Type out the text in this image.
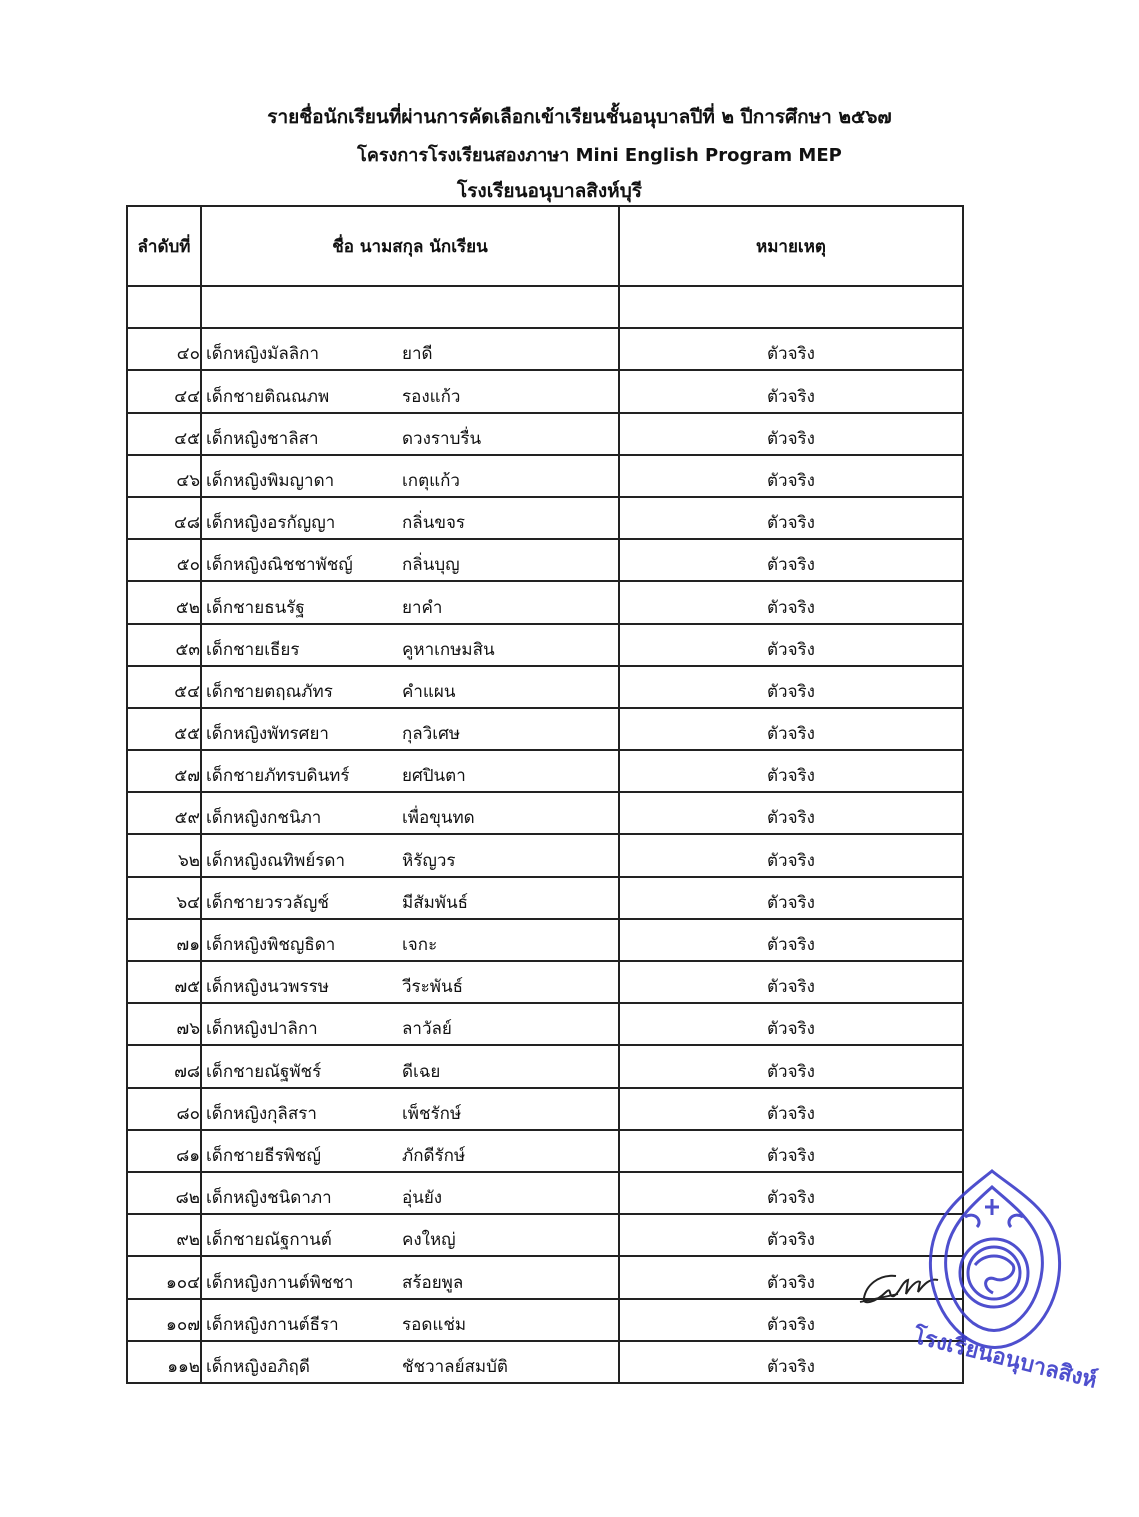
รายชื่อนักเรียนที่ผ่านการคัดเลือกเข้าเรียนชั้นอนุบาลปีที่ ๒ ปีการศึกษา ๒๕๖๗
โครงการโรงเรียนสองภาษา Mini English Program MEP
โรงเรียนอนุบาลสิงห์บุรี
ลำดับที่	ชื่อ นามสกุล นักเรียน	หมายเหตุ

๔๐	เด็กหญิงมัลลิกา ยาดี	ตัวจริง
๔๔	เด็กชายติณณภพ รองแก้ว	ตัวจริง
๔๕	เด็กหญิงชาลิสา ดวงราบรื่น	ตัวจริง
๔๖	เด็กหญิงพิมญาดา เกตุแก้ว	ตัวจริง
๔๘	เด็กหญิงอรกัญญา กลิ่นขจร	ตัวจริง
๕๐	เด็กหญิงณิชชาพัชญ์ กลิ่นบุญ	ตัวจริง
๕๒	เด็กชายธนรัฐ ยาคำ	ตัวจริง
๕๓	เด็กชายเธียร คูหาเกษมสิน	ตัวจริง
๕๔	เด็กชายตฤณภัทร คำแผน	ตัวจริง
๕๕	เด็กหญิงพัทรศยา กุลวิเศษ	ตัวจริง
๕๗	เด็กชายภัทรบดินทร์ ยศปินตา	ตัวจริง
๕๙	เด็กหญิงกชนิภา เพื่อขุนทด	ตัวจริง
๖๒	เด็กหญิงณทิพย์รดา หิรัญวร	ตัวจริง
๖๔	เด็กชายวรวลัญช์ มีสัมพันธ์	ตัวจริง
๗๑	เด็กหญิงพิชญธิดา เจกะ	ตัวจริง
๗๕	เด็กหญิงนวพรรษ วีระพันธ์	ตัวจริง
๗๖	เด็กหญิงปาลิกา ลาวัลย์	ตัวจริง
๗๘	เด็กชายณัฐพัชร์ ดีเฉย	ตัวจริง
๘๐	เด็กหญิงกุลิสรา เพ็ชรักษ์	ตัวจริง
๘๑	เด็กชายธีรพิชญ์ ภักดีรักษ์	ตัวจริง
๘๒	เด็กหญิงชนิดาภา อุ่นยัง	ตัวจริง
๙๒	เด็กชายณัฐกานต์ คงใหญ่	ตัวจริง
๑๐๔	เด็กหญิงกานต์พิชชา สร้อยพูล	ตัวจริง
๑๐๗	เด็กหญิงกานต์ธีรา รอดแช่ม	ตัวจริง
๑๑๒	เด็กหญิงอภิฤดี ชัชวาลย์สมบัติ	ตัวจริง	โรงเรียนอนุบาลสิงห์
